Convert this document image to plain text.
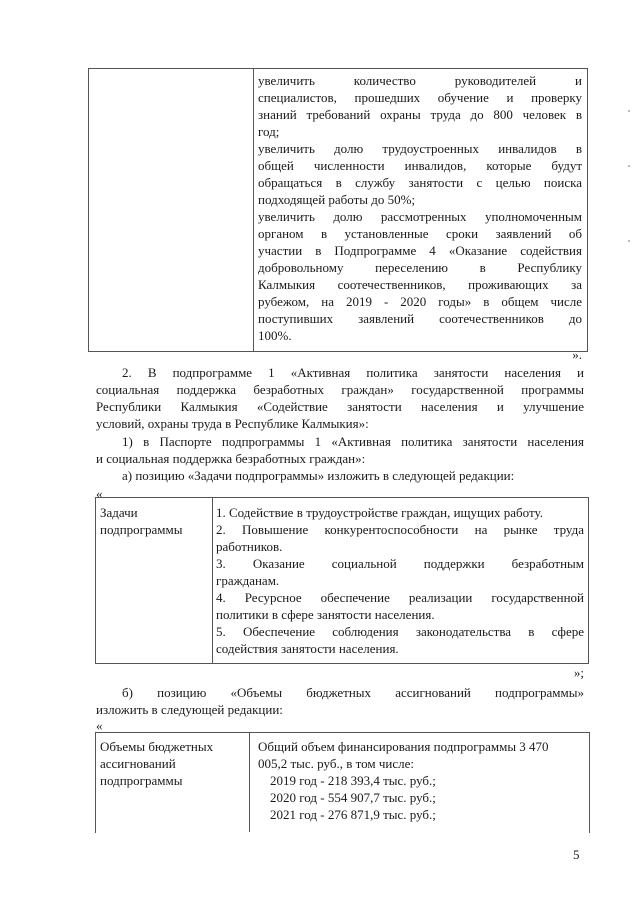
увеличить количество руководителей и
специалистов, прошедших обучение и проверку
знаний требований охраны труда до 800 человек в
год;
увеличить долю трудоустроенных инвалидов в
общей численности инвалидов, которые будут
обращаться в службу занятости с целью поиска
подходящей работы до 50%;
увеличить долю рассмотренных уполномоченным
органом в установленные сроки заявлений об
участии в Подпрограмме 4 «Оказание содействия
добровольному переселению в Республику
Калмыкия соотечественников, проживающих за
рубежом, на 2019 - 2020 годы» в общем числе
поступивших заявлений соотечественников до
100%.
».
2. В подпрограмме 1 «Активная политика занятости населения и
социальная поддержка безработных граждан» государственной программы
Республики Калмыкия «Содействие занятости населения и улучшение
условий, охраны труда в Республике Калмыкия»:
1) в Паспорте подпрограммы 1 «Активная политика занятости населения
и социальная поддержка безработных граждан»:
а) позицию «Задачи подпрограммы» изложить в следующей редакции:
«
Задачи
подпрограммы
1. Содействие в трудоустройстве граждан, ищущих работу.
2. Повышение конкурентоспособности на рынке труда
работников.
3. Оказание социальной поддержки безработным
гражданам.
4. Ресурсное обеспечение реализации государственной
политики в сфере занятости населения.
5. Обеспечение соблюдения законодательства в сфере
содействия занятости населения.
»;
б) позицию «Объемы бюджетных ассигнований подпрограммы»
изложить в следующей редакции:
«
Объемы бюджетных
ассигнований
подпрограммы
Общий объем финансирования подпрограммы 3 470
005,2 тыс. руб., в том числе:
2019 год - 218 393,4 тыс. руб.;
2020 год - 554 907,7 тыс. руб.;
2021 год - 276 871,9 тыс. руб.;
5
